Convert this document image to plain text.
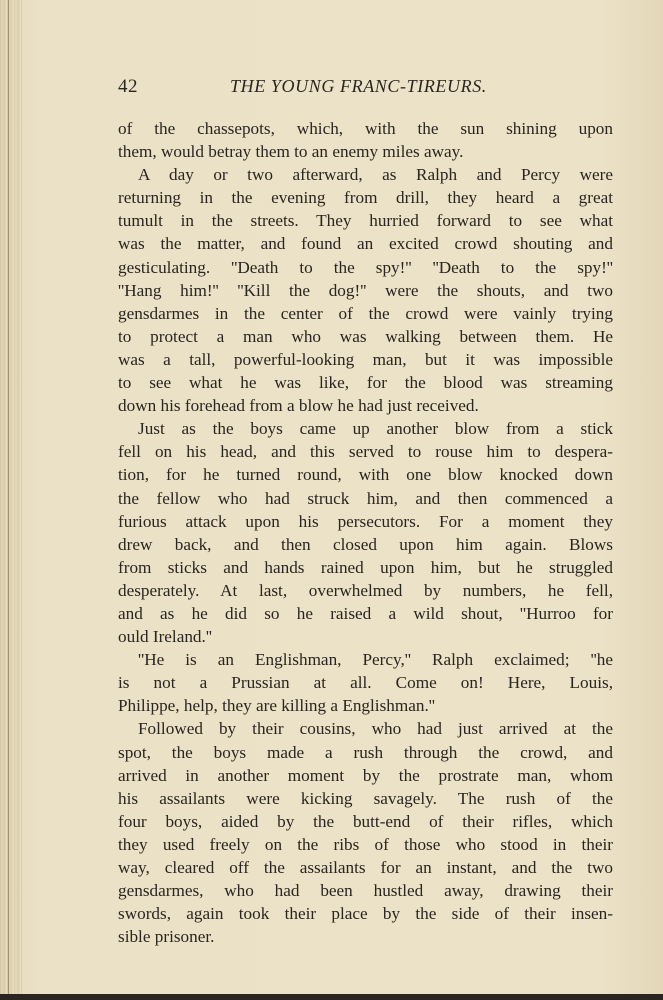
42	THE YOUNG FRANC-TIREURS.
of the chassepots, which, with the sun shining upon
them, would betray them to an enemy miles away.
A day or two afterward, as Ralph and Percy were
returning in the evening from drill, they heard a great
tumult in the streets. They hurried forward to see what
was the matter, and found an excited crowd shouting and
gesticulating. ''Death to the spy!'' ''Death to the spy!''
''Hang him!'' ''Kill the dog!'' were the shouts, and two
gensdarmes in the center of the crowd were vainly trying
to protect a man who was walking between them. He
was a tall, powerful-looking man, but it was impossible
to see what he was like, for the blood was streaming
down his forehead from a blow he had just received.
Just as the boys came up another blow from a stick
fell on his head, and this served to rouse him to despera-
tion, for he turned round, with one blow knocked down
the fellow who had struck him, and then commenced a
furious attack upon his persecutors. For a moment they
drew back, and then closed upon him again. Blows
from sticks and hands rained upon him, but he struggled
desperately. At last, overwhelmed by numbers, he fell,
and as he did so he raised a wild shout, ''Hurroo for
ould Ireland.''
''He is an Englishman, Percy,'' Ralph exclaimed; ''he
is not a Prussian at all. Come on! Here, Louis,
Philippe, help, they are killing a Englishman.''
Followed by their cousins, who had just arrived at the
spot, the boys made a rush through the crowd, and
arrived in another moment by the prostrate man, whom
his assailants were kicking savagely. The rush of the
four boys, aided by the butt-end of their rifles, which
they used freely on the ribs of those who stood in their
way, cleared off the assailants for an instant, and the two
gensdarmes, who had been hustled away, drawing their
swords, again took their place by the side of their insen-
sible prisoner.
